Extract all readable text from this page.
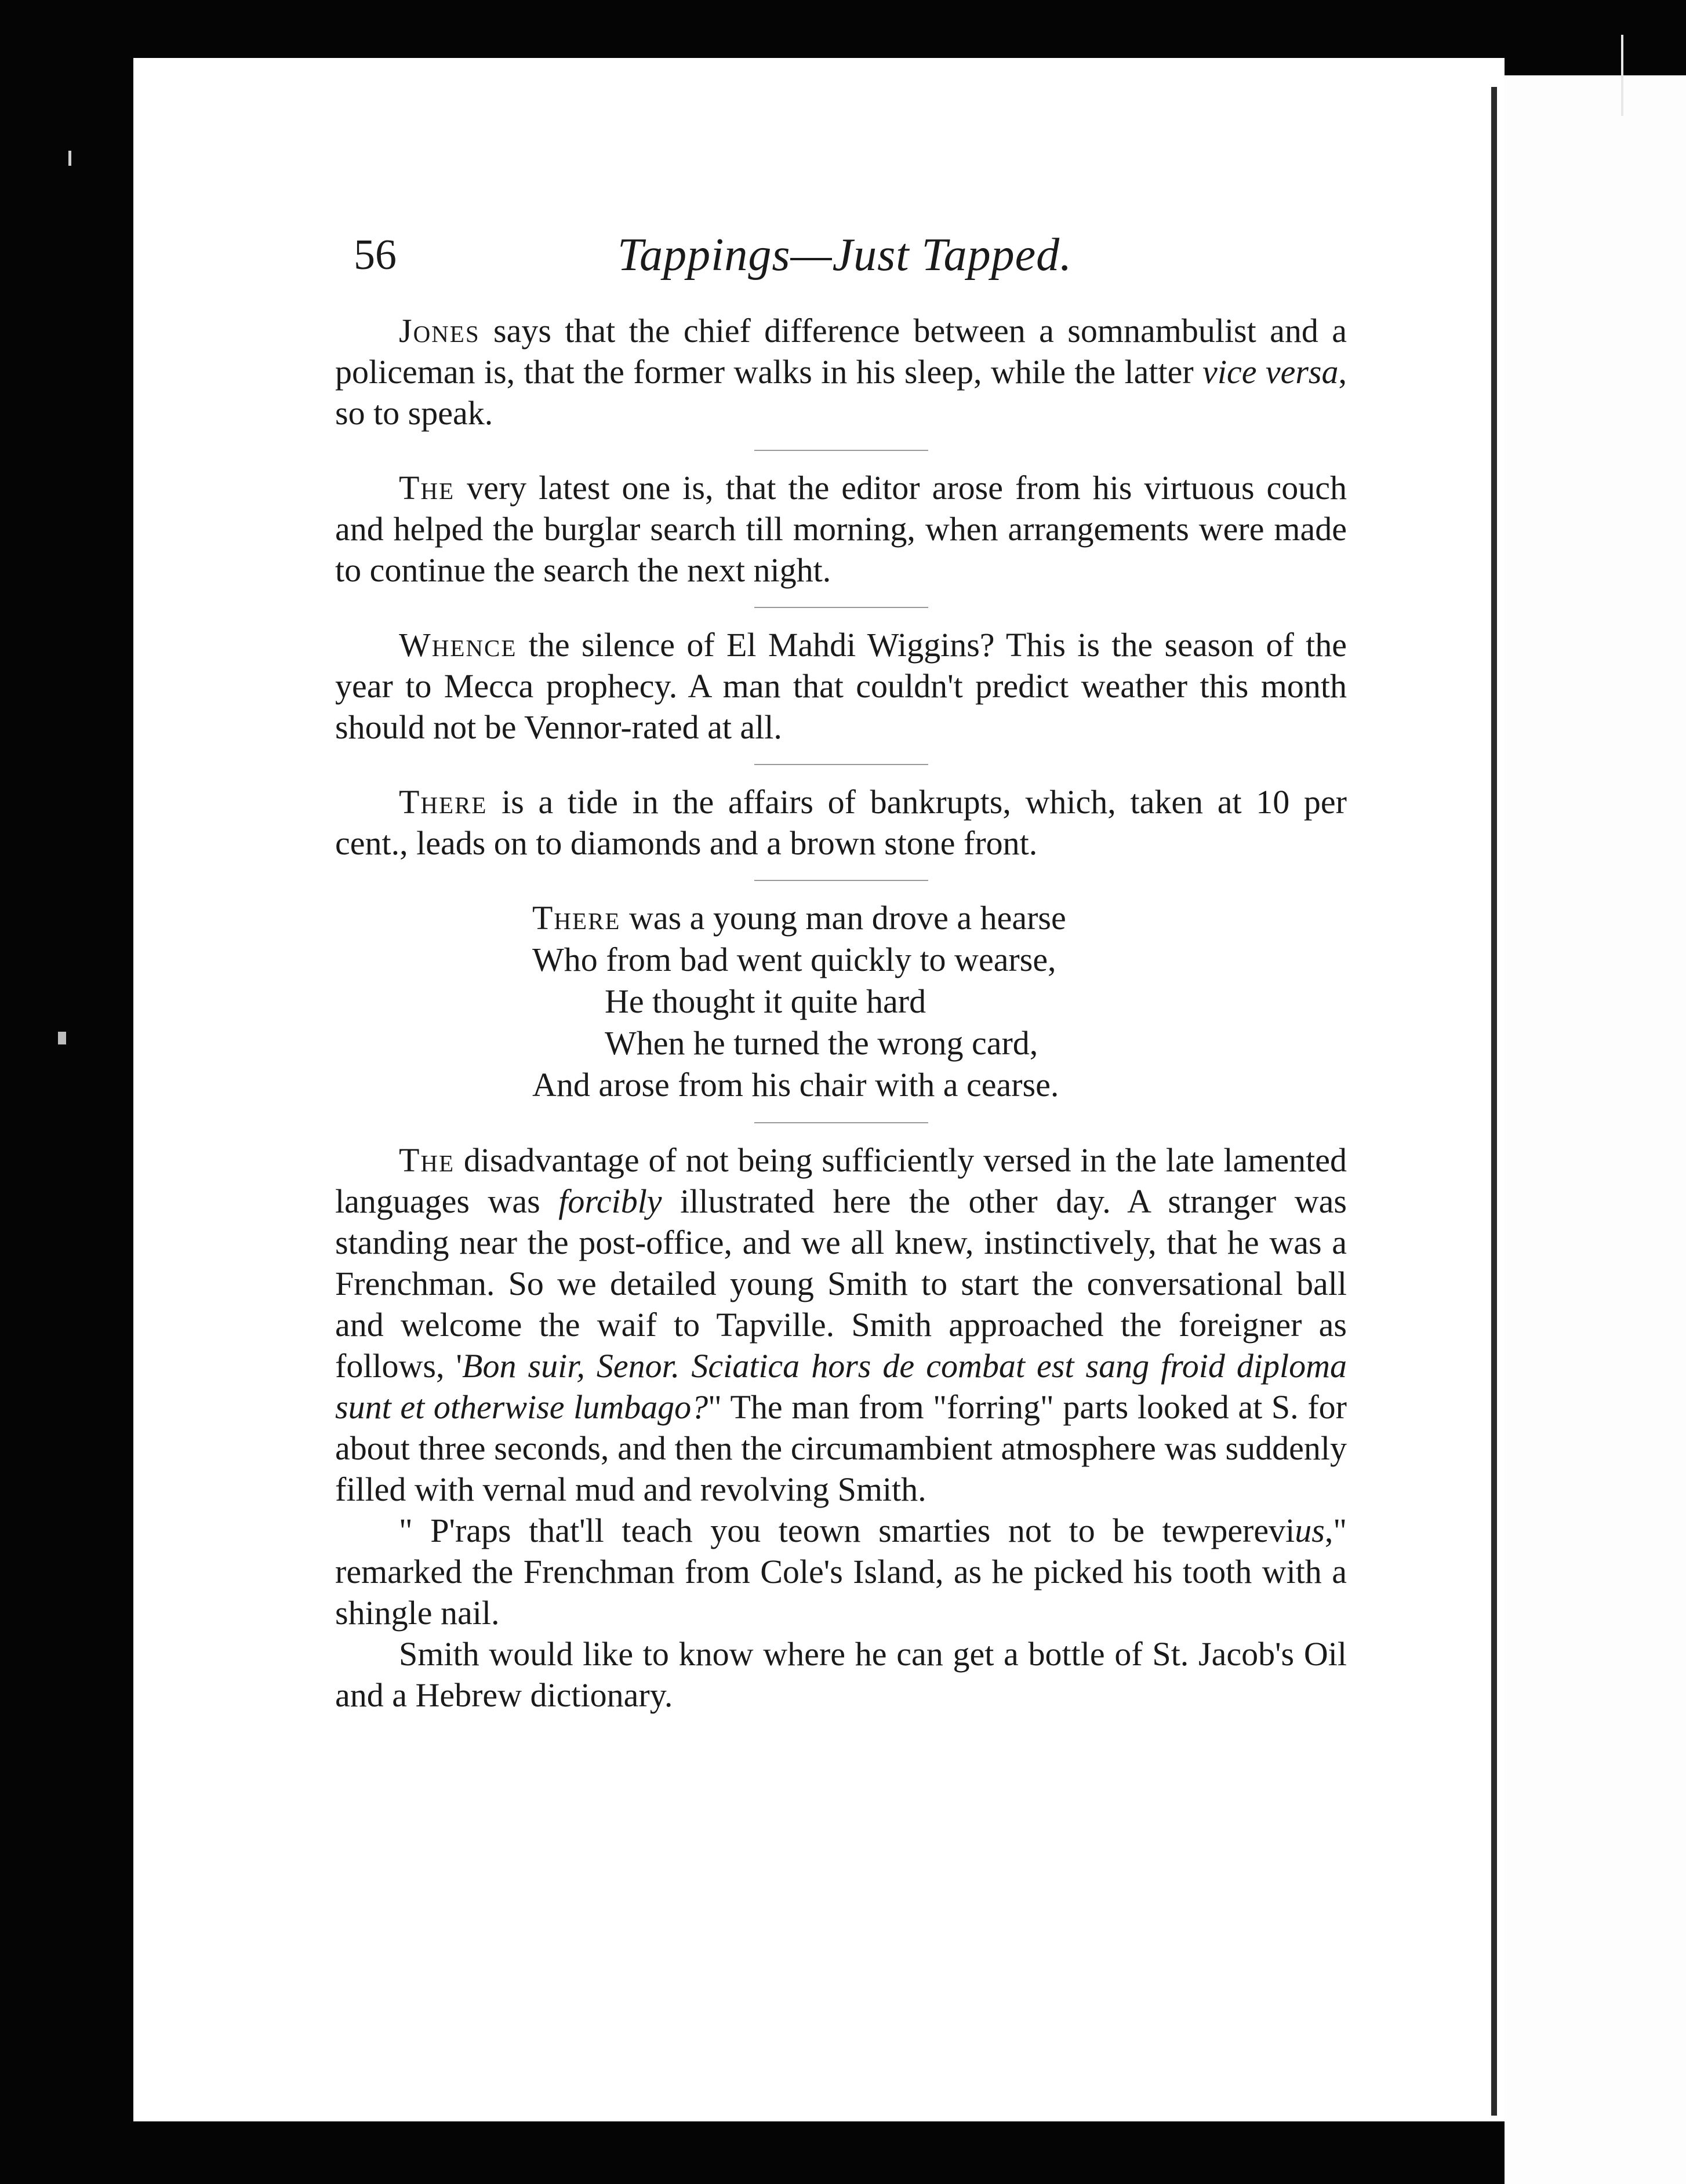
56	Tappings—Just Tapped.

Jones says that the chief difference between a somnambulist and a policeman is, that the former walks in his sleep, while the latter vice versa, so to speak.

The very latest one is, that the editor arose from his virtuous couch and helped the burglar search till morning, when arrangements were made to continue the search the next night.

Whence the silence of El Mahdi Wiggins? This is the season of the year to Mecca prophecy. A man that couldn't predict weather this month should not be Vennor-rated at all.

There is a tide in the affairs of bankrupts, which, taken at 10 per cent., leads on to diamonds and a brown stone front.

There was a young man drove a hearse
Who from bad went quickly to wearse,
He thought it quite hard
When he turned the wrong card,
And arose from his chair with a cearse.

The disadvantage of not being sufficiently versed in the late lamented languages was forcibly illustrated here the other day. A stranger was standing near the post-office, and we all knew, instinctively, that he was a Frenchman. So we detailed young Smith to start the conversational ball and welcome the waif to Tapville. Smith approached the foreigner as follows, 'Bon suir, Senor. Sciatica hors de combat est sang froid diploma sunt et otherwise lumbago?" The man from "forring" parts looked at S. for about three seconds, and then the circumambient atmosphere was suddenly filled with vernal mud and revolving Smith.

" P'raps that'll teach you teown smarties not to be tewperevius," remarked the Frenchman from Cole's Island, as he picked his tooth with a shingle nail.

Smith would like to know where he can get a bottle of St. Jacob's Oil and a Hebrew dictionary.
